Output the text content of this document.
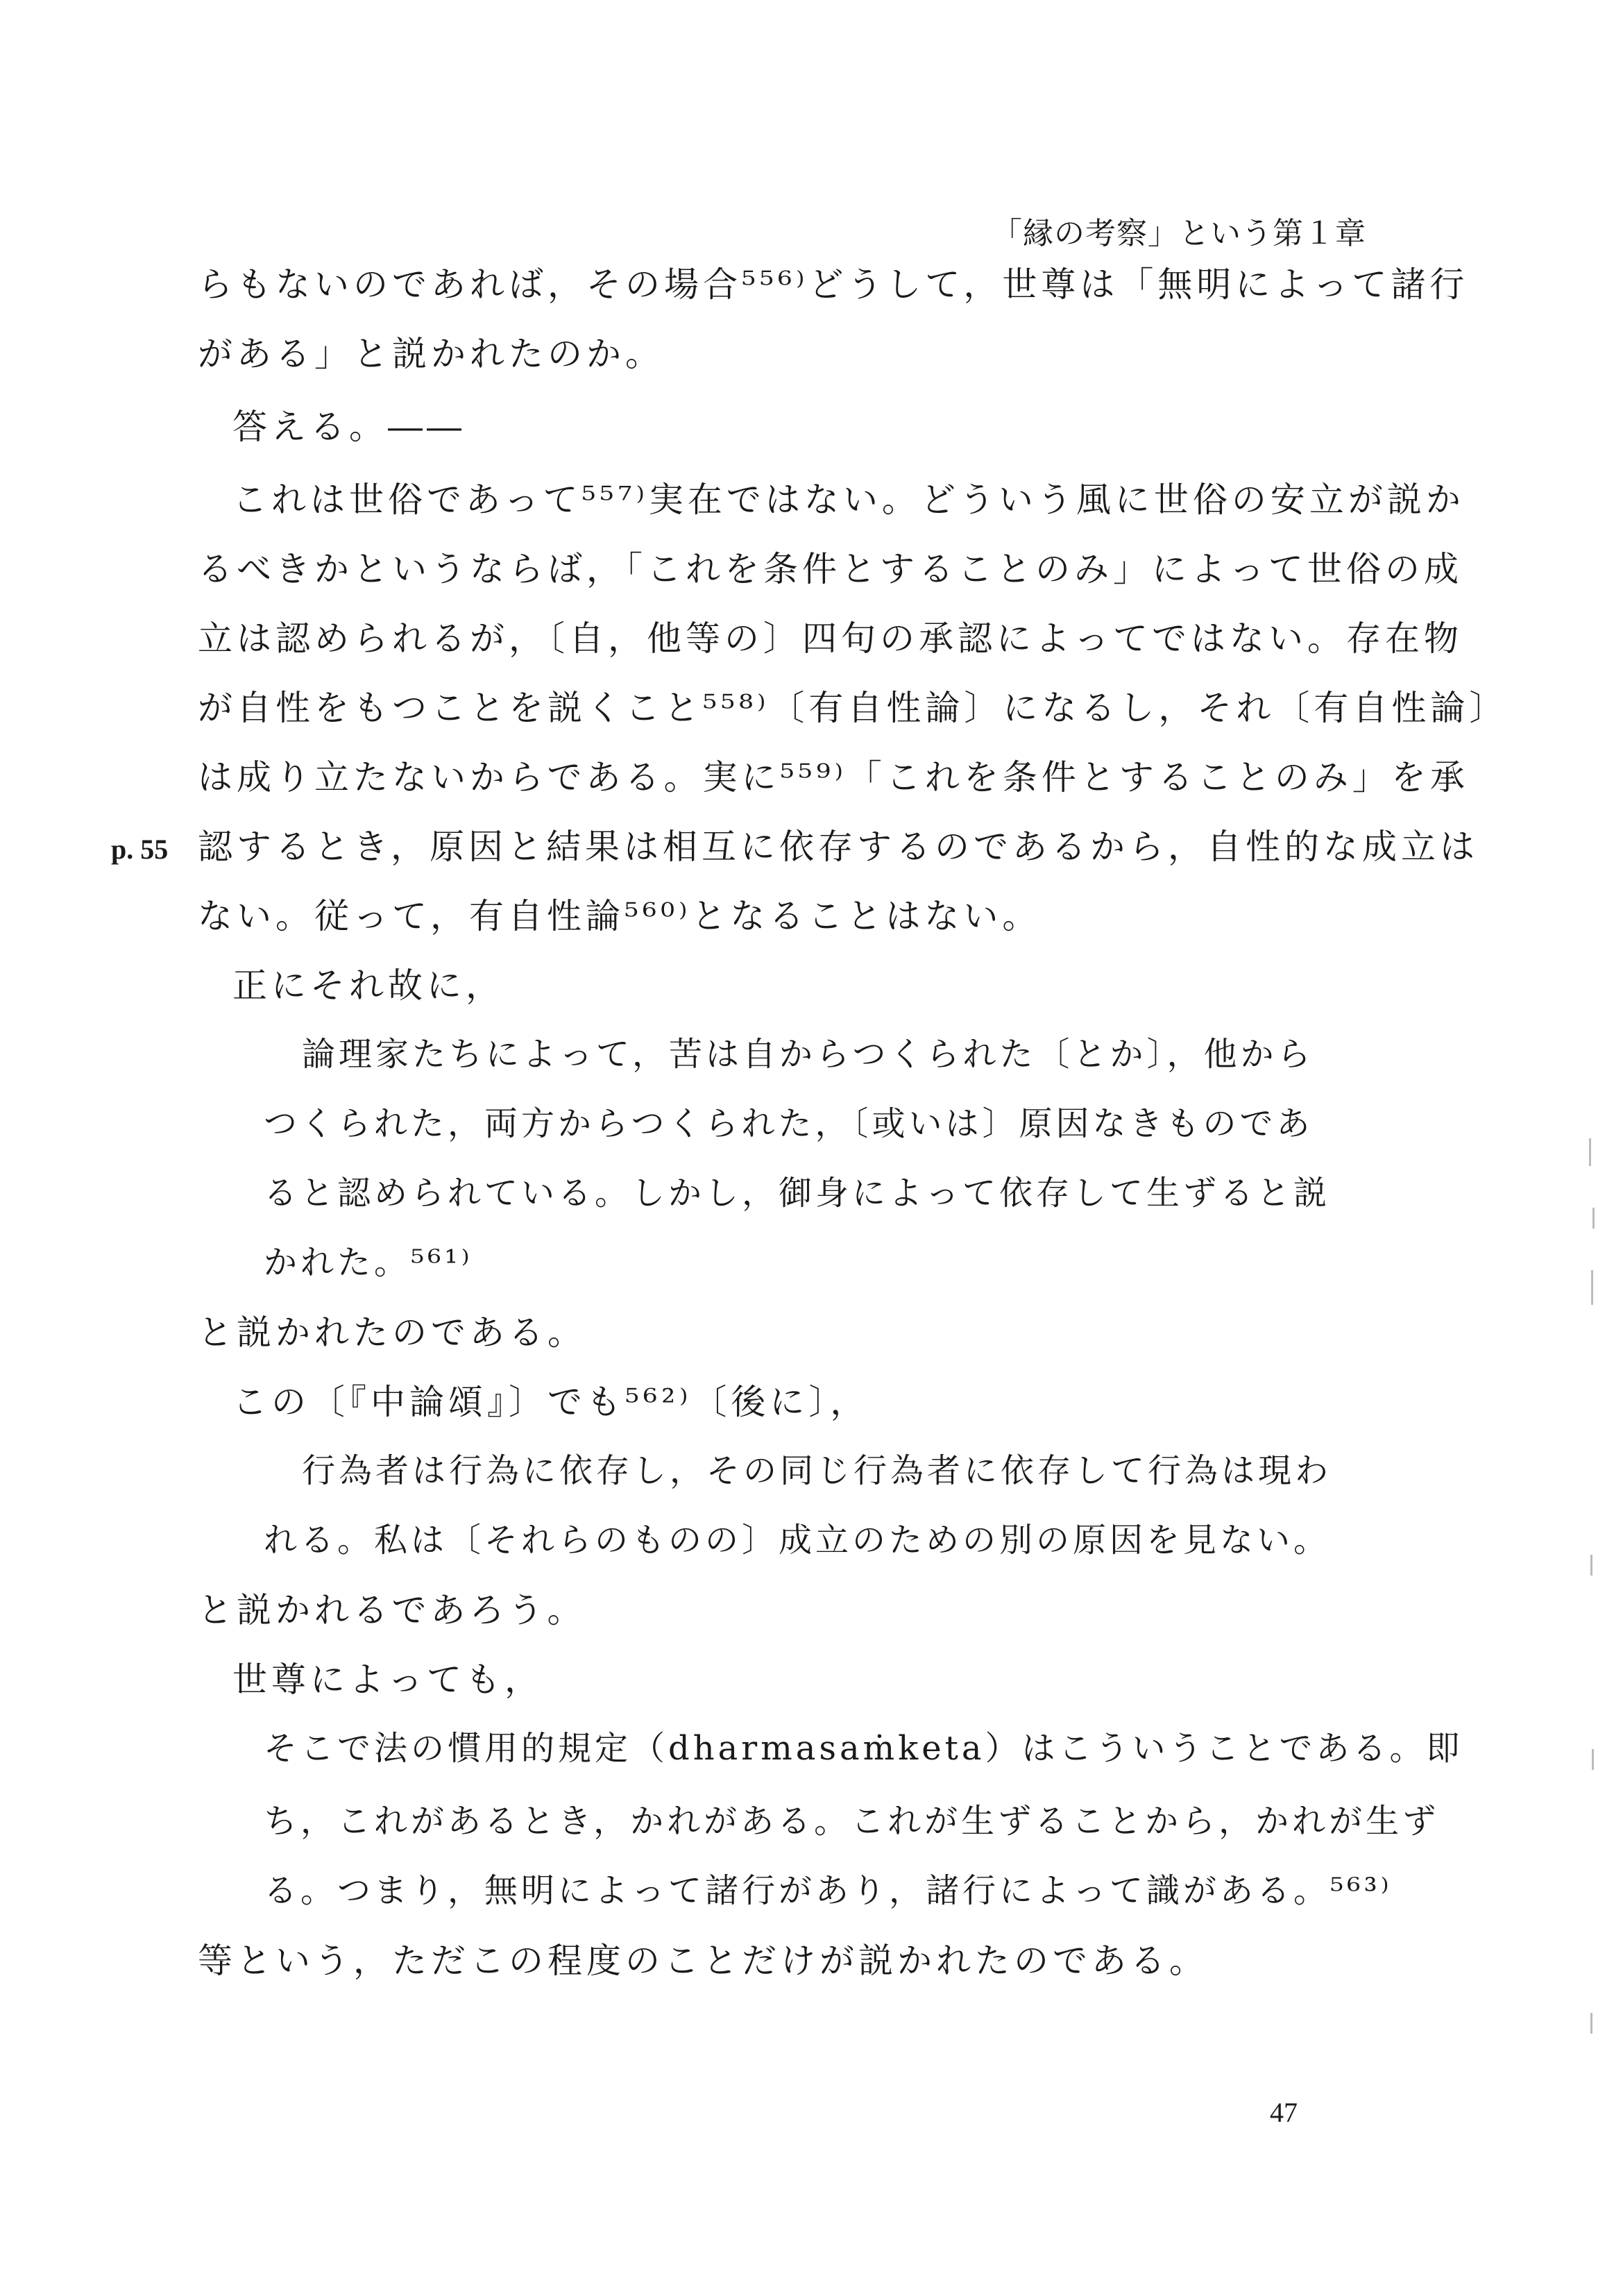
「縁の考察」という第１章
らもないのであれば，その場合⁵⁵⁶⁾どうして，世尊は「無明によって諸行
がある」と説かれたのか。
答える。――
これは世俗であって⁵⁵⁷⁾実在ではない。どういう風に世俗の安立が説か
るべきかというならば，「これを条件とすることのみ」によって世俗の成
立は認められるが，〔自，他等の〕四句の承認によってではない。存在物
が自性をもつことを説くこと⁵⁵⁸⁾〔有自性論〕になるし，それ〔有自性論〕
は成り立たないからである。実に⁵⁵⁹⁾「これを条件とすることのみ」を承
p. 55 認するとき，原因と結果は相互に依存するのであるから，自性的な成立は
ない。従って，有自性論⁵⁶⁰⁾となることはない。
正にそれ故に，
論理家たちによって，苦は自からつくられた〔とか〕，他から
つくられた，両方からつくられた，〔或いは〕原因なきものであ
ると認められている。しかし，御身によって依存して生ずると説
かれた。⁵⁶¹⁾
と説かれたのである。
この〔『中論頌』〕でも⁵⁶²⁾〔後に〕，
行為者は行為に依存し，その同じ行為者に依存して行為は現わ
れる。私は〔それらのものの〕成立のための別の原因を見ない。
と説かれるであろう。
世尊によっても，
そこで法の慣用的規定（dharmasaṁketa）はこういうことである。即
ち，これがあるとき，かれがある。これが生ずることから，かれが生ず
る。つまり，無明によって諸行があり，諸行によって識がある。⁵⁶³⁾
等という，ただこの程度のことだけが説かれたのである。
47
